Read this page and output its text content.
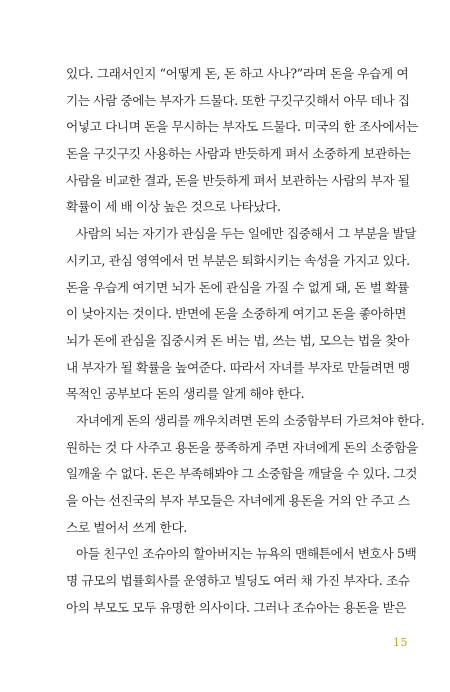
있다. 그래서인지 “어떻게 돈, 돈 하고 사나?”라며 돈을 우습게 여
기는 사람 중에는 부자가 드물다. 또한 구깃구깃해서 아무 데나 집
어넣고 다니며 돈을 무시하는 부자도 드물다. 미국의 한 조사에서는
돈을 구깃구깃 사용하는 사람과 반듯하게 펴서 소중하게 보관하는
사람을 비교한 결과, 돈을 반듯하게 펴서 보관하는 사람의 부자 될
확률이 세 배 이상 높은 것으로 나타났다.
사람의 뇌는 자기가 관심을 두는 일에만 집중해서 그 부분을 발달
시키고, 관심 영역에서 먼 부분은 퇴화시키는 속성을 가지고 있다.
돈을 우습게 여기면 뇌가 돈에 관심을 가질 수 없게 돼, 돈 벌 확률
이 낮아지는 것이다. 반면에 돈을 소중하게 여기고 돈을 좋아하면
뇌가 돈에 관심을 집중시켜 돈 버는 법, 쓰는 법, 모으는 법을 찾아
내 부자가 될 확률을 높여준다. 따라서 자녀를 부자로 만들려면 맹
목적인 공부보다 돈의 생리를 알게 해야 한다.
자녀에게 돈의 생리를 깨우치려면 돈의 소중함부터 가르쳐야 한다.
원하는 것 다 사주고 용돈을 풍족하게 주면 자녀에게 돈의 소중함을
일깨울 수 없다. 돈은 부족해봐야 그 소중함을 깨달을 수 있다. 그것
을 아는 선진국의 부자 부모들은 자녀에게 용돈을 거의 안 주고 스
스로 벌어서 쓰게 한다.
아들 친구인 조슈아의 할아버지는 뉴욕의 맨해튼에서 변호사 5백
명 규모의 법률회사를 운영하고 빌딩도 여러 채 가진 부자다. 조슈
아의 부모도 모두 유명한 의사이다. 그러나 조슈아는 용돈을 받은
15
